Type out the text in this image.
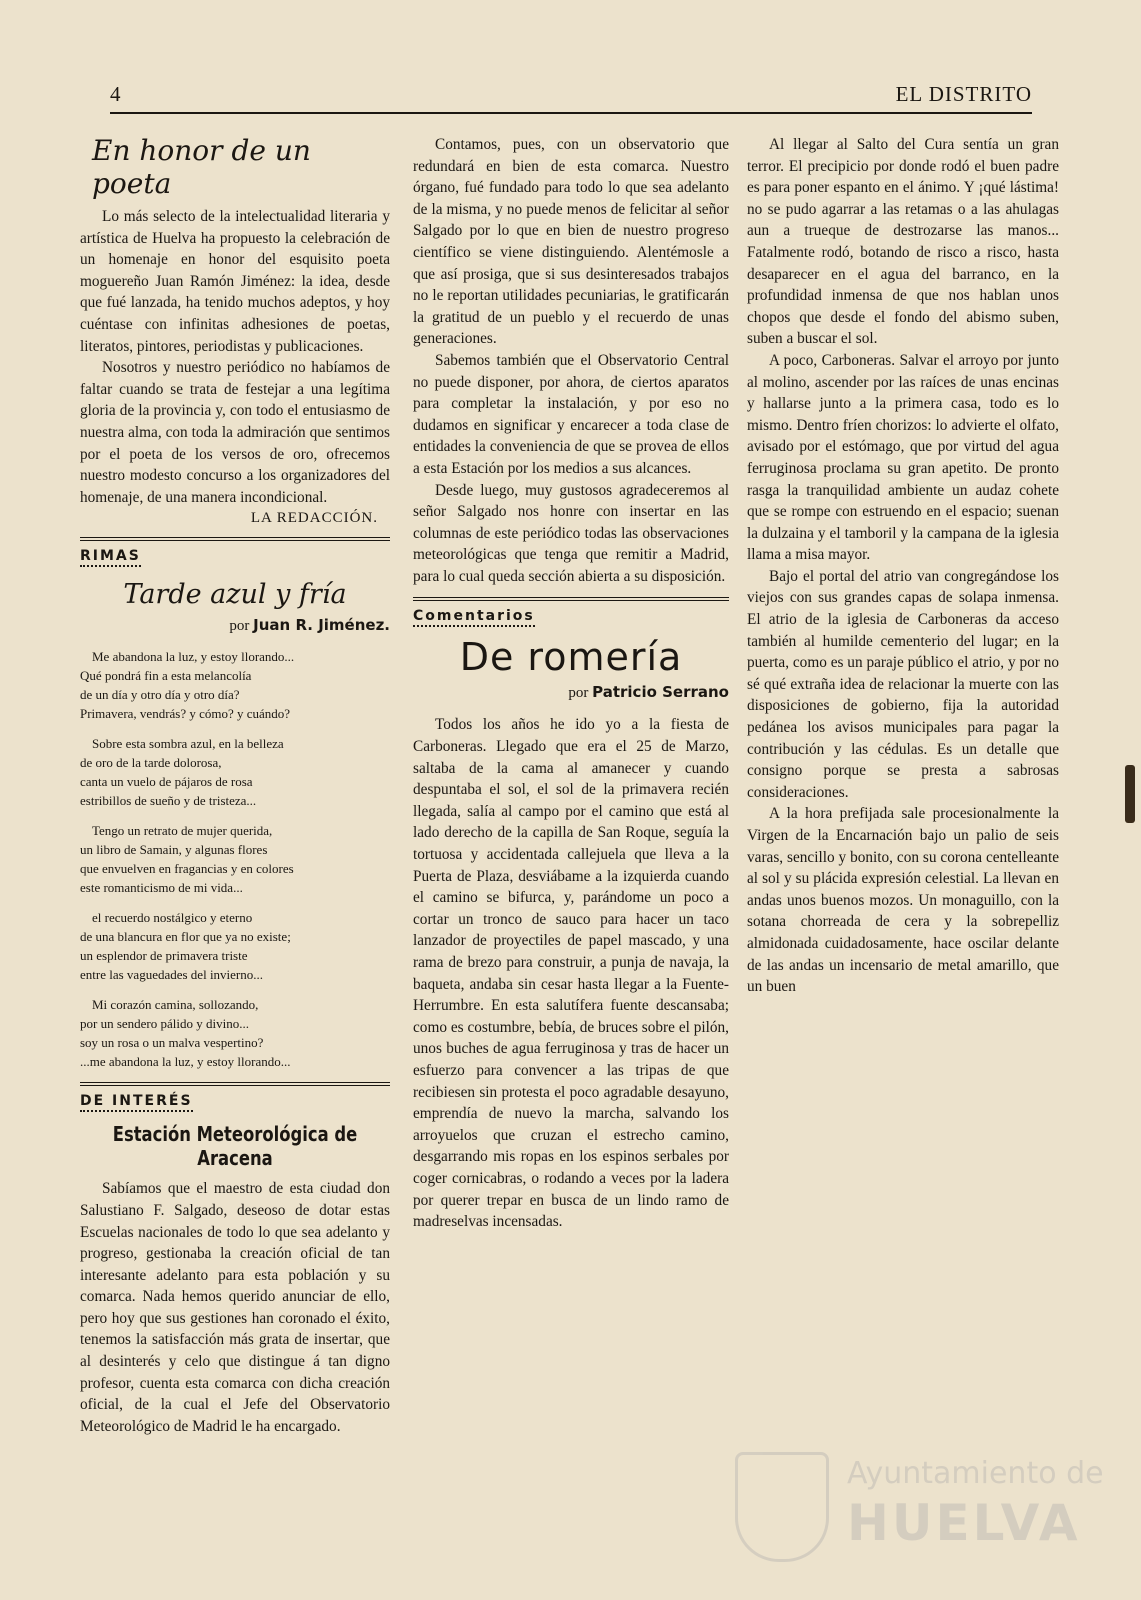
4	EL DISTRITO
En honor de un poeta

Lo más selecto de la intelectualidad literaria y artística de Huelva ha propuesto la celebración de un homenaje en honor del esquisito poeta moguereño Juan Ramón Jiménez: la idea, desde que fué lanzada, ha tenido muchos adeptos, y hoy cuéntase con infinitas adhesiones de poetas, literatos, pintores, periodistas y publicaciones.

Nosotros y nuestro periódico no habíamos de faltar cuando se trata de festejar a una legítima gloria de la provincia y, con todo el entusiasmo de nuestra alma, con toda la admiración que sentimos por el poeta de los versos de oro, ofrecemos nuestro modesto concurso a los organizadores del homenaje, de una manera incondicional.

LA REDACCIÓN.
RIMAS
Tarde azul y fría
por Juan R. Jiménez.
Me abandona la luz, y estoy llorando...
Qué pondrá fin a esta melancolía
de un día y otro día y otro día?
Primavera, vendrás? y cómo? y cuándo?
Sobre esta sombra azul, en la belleza
de oro de la tarde dolorosa,
canta un vuelo de pájaros de rosa
estribillos de sueño y de tristeza...
Tengo un retrato de mujer querida,
un libro de Samain, y algunas flores
que envuelven en fragancias y en colores
este romanticismo de mi vida...
el recuerdo nostálgico y eterno
de una blancura en flor que ya no existe;
un esplendor de primavera triste
entre las vaguedades del invierno...
Mi corazón camina, sollozando,
por un sendero pálido y divino...
soy un rosa o un malva vespertino?
...me abandona la luz, y estoy llorando...
DE INTERÉS
Estación Meteorológica de Aracena

Sabíamos que el maestro de esta ciudad don Salustiano F. Salgado, deseoso de dotar estas Escuelas nacionales de todo lo que sea adelanto y progreso, gestionaba la creación oficial de tan interesante adelanto para esta población y su comarca. Nada hemos querido anunciar de ello, pero hoy que sus gestiones han coronado el éxito, tenemos la satisfacción más grata de insertar, que al desinterés y celo que distingue á tan digno profesor, cuenta esta comarca con dicha creación oficial, de la cual el Jefe del Observatorio Meteorológico de Madrid le ha encargado.

Contamos, pues, con un observatorio que redundará en bien de esta comarca. Nuestro órgano, fué fundado para todo lo que sea adelanto de la misma, y no puede menos de felicitar al señor Salgado por lo que en bien de nuestro progreso científico se viene distinguiendo. Alentémosle a que así prosiga, que si sus desinteresados trabajos no le reportan utilidades pecuniarias, le gratificarán la gratitud de un pueblo y el recuerdo de unas generaciones.

Sabemos también que el Observatorio Central no puede disponer, por ahora, de ciertos aparatos para completar la instalación, y por eso no dudamos en significar y encarecer a toda clase de entidades la conveniencia de que se provea de ellos a esta Estación por los medios a sus alcances.

Desde luego, muy gustosos agradeceremos al señor Salgado nos honre con insertar en las columnas de este periódico todas las observaciones meteorológicas que tenga que remitir a Madrid, para lo cual queda sección abierta a su disposición.

Comentarios
De romería
por Patricio Serrano

Todos los años he ido yo a la fiesta de Carboneras. Llegado que era el 25 de Marzo, saltaba de la cama al amanecer y cuando despuntaba el sol, el sol de la primavera recién llegada, salía al campo por el camino que está al lado derecho de la capilla de San Roque, seguía la tortuosa y accidentada callejuela que lleva a la Puerta de Plaza, desviábame a la izquierda cuando el camino se bifurca, y, parándome un poco a cortar un tronco de sauco para hacer un taco lanzador de proyectiles de papel mascado, y una rama de brezo para construir, a punja de navaja, la baqueta, andaba sin cesar hasta llegar a la Fuente-Herrumbre. En esta salutífera fuente descansaba; como es costumbre, bebía, de bruces sobre el pilón, unos buches de agua ferruginosa y tras de hacer un esfuerzo para convencer a las tripas de que recibiesen sin protesta el poco agradable desayuno, emprendía de nuevo la marcha, salvando los arroyuelos que cruzan el estrecho camino, desgarrando mis ropas en los espinos serbales por coger cornicabras, o rodando a veces por la ladera por querer trepar en busca de un lindo ramo de madreselvas incensadas.

Al llegar al Salto del Cura sentía un gran terror. El precipicio por donde rodó el buen padre es para poner espanto en el ánimo. Y ¡qué lástima! no se pudo agarrar a las retamas o a las ahulagas aun a trueque de destrozarse las manos... Fatalmente rodó, botando de risco a risco, hasta desaparecer en el agua del barranco, en la profundidad inmensa de que nos hablan unos chopos que desde el fondo del abismo suben, suben a buscar el sol.

A poco, Carboneras. Salvar el arroyo por junto al molino, ascender por las raíces de unas encinas y hallarse junto a la primera casa, todo es lo mismo. Dentro fríen chorizos: lo advierte el olfato, avisado por el estómago, que por virtud del agua ferruginosa proclama su gran apetito. De pronto rasga la tranquilidad ambiente un audaz cohete que se rompe con estruendo en el espacio; suenan la dulzaina y el tamboril y la campana de la iglesia llama a misa mayor.

Bajo el portal del atrio van congregándose los viejos con sus grandes capas de solapa inmensa. El atrio de la iglesia de Carboneras da acceso también al humilde cementerio del lugar; en la puerta, como es un paraje público el atrio, y por no sé qué extraña idea de relacionar la muerte con las disposiciones de gobierno, fija la autoridad pedánea los avisos municipales para pagar la contribución y las cédulas. Es un detalle que consigno porque se presta a sabrosas consideraciones.

A la hora prefijada sale procesionalmente la Virgen de la Encarnación bajo un palio de seis varas, sencillo y bonito, con su corona centelleante al sol y su plácida expresión celestial. La llevan en andas unos buenos mozos. Un monaguillo, con la sotana chorreada de cera y la sobrepelliz almidonada cuidadosamente, hace oscilar delante de las andas un incensario de metal amarillo, que un buen

Ayuntamiento de
HUELVA
